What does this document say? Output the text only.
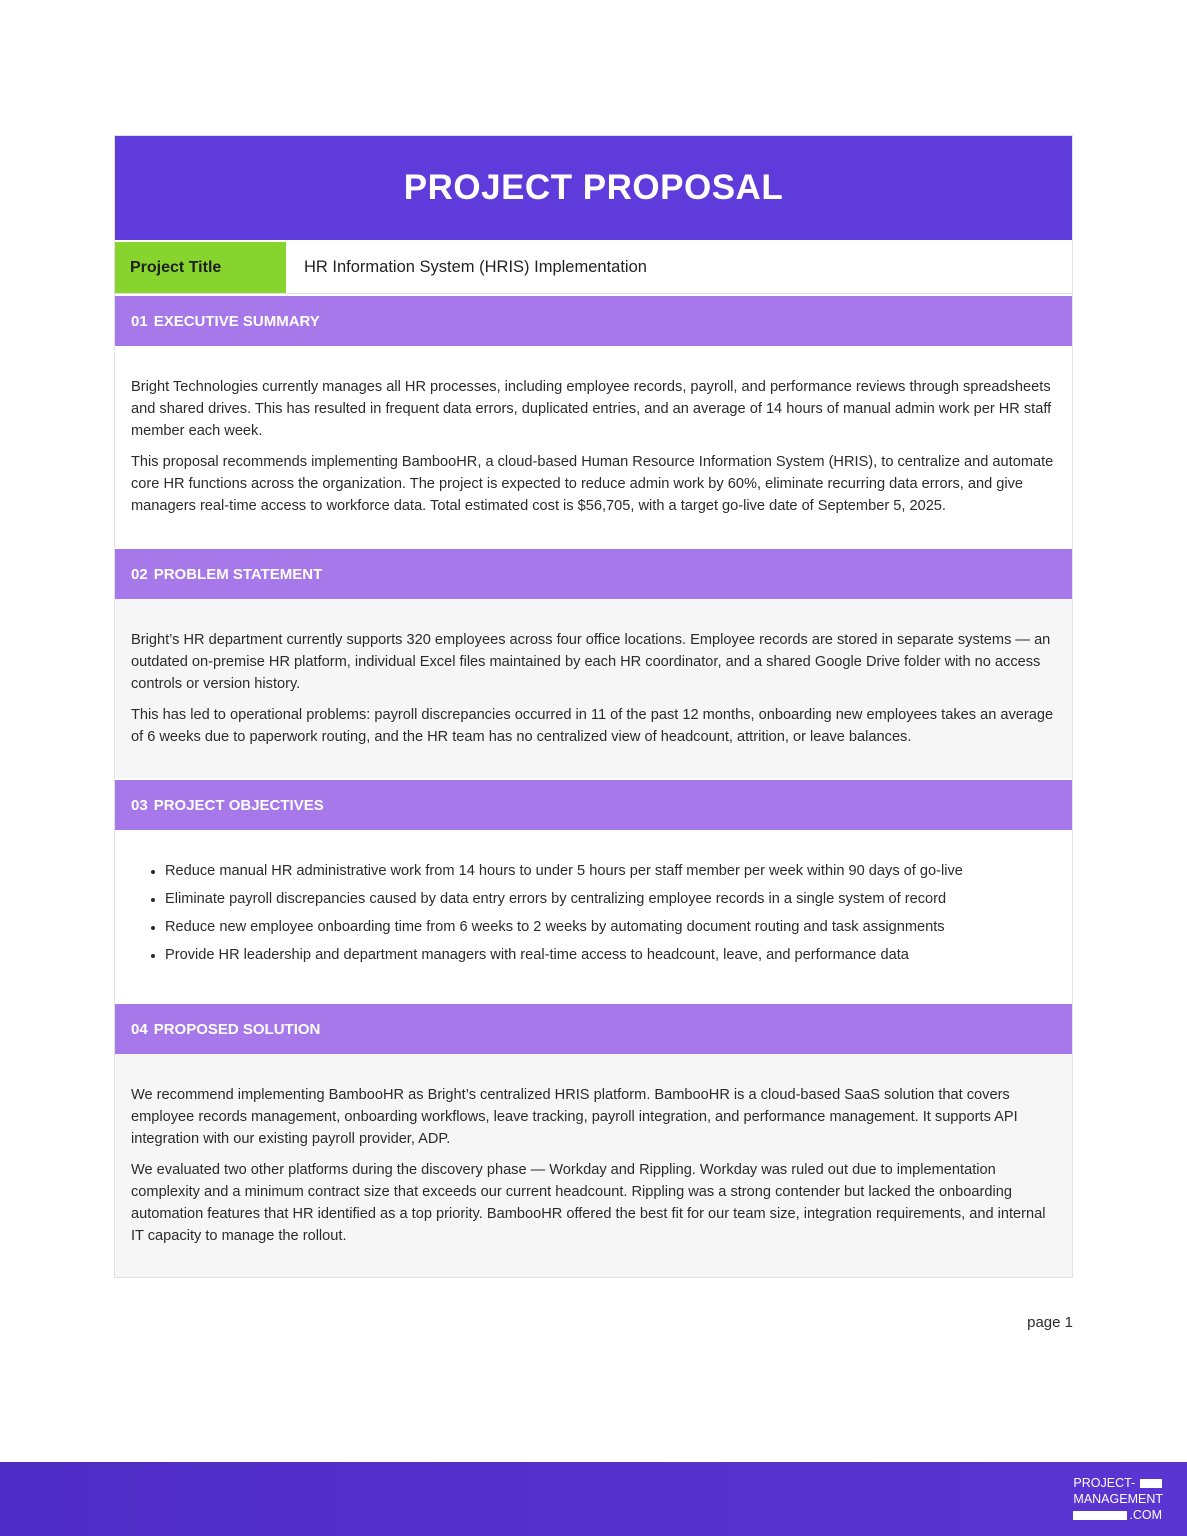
PROJECT PROPOSAL
Project Title	HR Information System (HRIS) Implementation
01 EXECUTIVE SUMMARY

Bright Technologies currently manages all HR processes, including employee records, payroll, and performance reviews through spreadsheets and shared drives. This has resulted in frequent data errors, duplicated entries, and an average of 14 hours of manual admin work per HR staff member each week.

This proposal recommends implementing BambooHR, a cloud-based Human Resource Information System (HRIS), to centralize and automate core HR functions across the organization. The project is expected to reduce admin work by 60%, eliminate recurring data errors, and give managers real-time access to workforce data. Total estimated cost is $56,705, with a target go-live date of September 5, 2025.

02 PROBLEM STATEMENT

Bright’s HR department currently supports 320 employees across four office locations. Employee records are stored in separate systems — an outdated on-premise HR platform, individual Excel files maintained by each HR coordinator, and a shared Google Drive folder with no access controls or version history.

This has led to operational problems: payroll discrepancies occurred in 11 of the past 12 months, onboarding new employees takes an average of 6 weeks due to paperwork routing, and the HR team has no centralized view of headcount, attrition, or leave balances.

03 PROJECT OBJECTIVES
• Reduce manual HR administrative work from 14 hours to under 5 hours per staff member per week within 90 days of go-live
• Eliminate payroll discrepancies caused by data entry errors by centralizing employee records in a single system of record
• Reduce new employee onboarding time from 6 weeks to 2 weeks by automating document routing and task assignments
• Provide HR leadership and department managers with real-time access to headcount, leave, and performance data
04 PROPOSED SOLUTION

We recommend implementing BambooHR as Bright’s centralized HRIS platform. BambooHR is a cloud-based SaaS solution that covers employee records management, onboarding workflows, leave tracking, payroll integration, and performance management. It supports API integration with our existing payroll provider, ADP.

We evaluated two other platforms during the discovery phase — Workday and Rippling. Workday was ruled out due to implementation complexity and a minimum contract size that exceeds our current headcount. Rippling was a strong contender but lacked the onboarding automation features that HR identified as a top priority. BambooHR offered the best fit for our team size, integration requirements, and internal IT capacity to manage the rollout.

page 1
PROJECT-
MANAGEMENT
.COM
